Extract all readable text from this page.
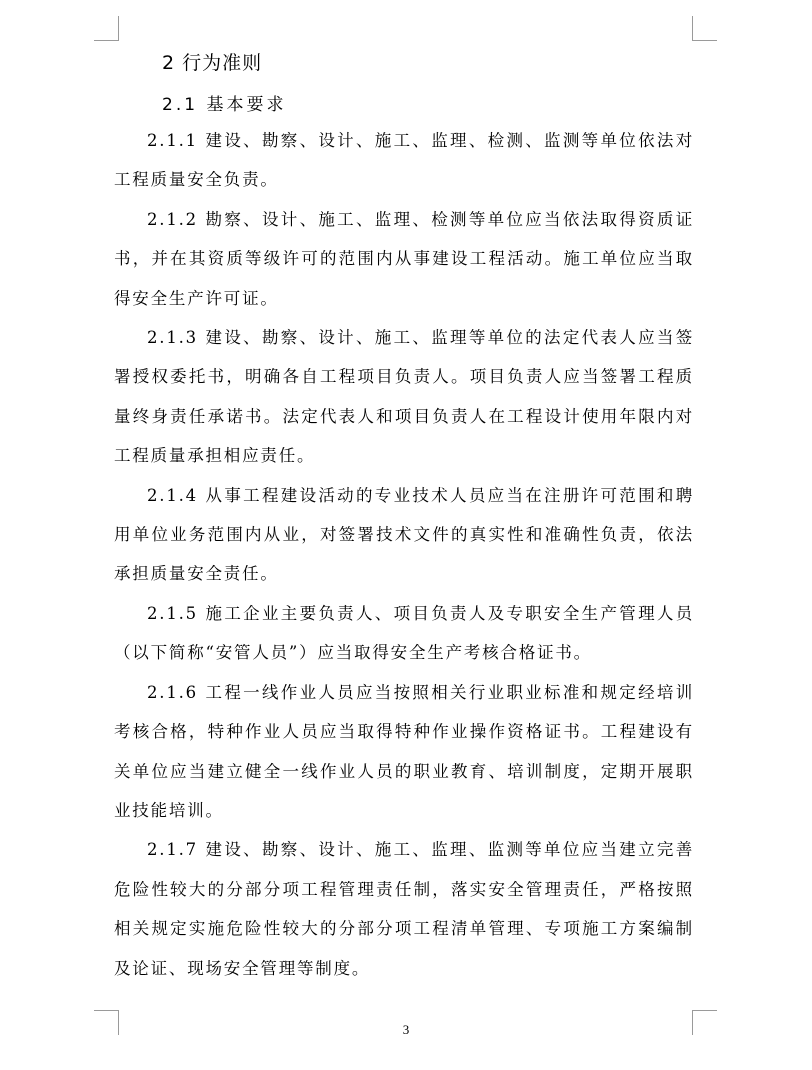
2 行为准则
2.1 基本要求

2.1.1 建设、勘察、设计、施工、监理、检测、监测等单位依法对工程质量安全负责。

2.1.2 勘察、设计、施工、监理、检测等单位应当依法取得资质证书，并在其资质等级许可的范围内从事建设工程活动。施工单位应当取得安全生产许可证。

2.1.3 建设、勘察、设计、施工、监理等单位的法定代表人应当签署授权委托书，明确各自工程项目负责人。项目负责人应当签署工程质量终身责任承诺书。法定代表人和项目负责人在工程设计使用年限内对工程质量承担相应责任。

2.1.4 从事工程建设活动的专业技术人员应当在注册许可范围和聘用单位业务范围内从业，对签署技术文件的真实性和准确性负责，依法承担质量安全责任。

2.1.5 施工企业主要负责人、项目负责人及专职安全生产管理人员（以下简称“安管人员”）应当取得安全生产考核合格证书。

2.1.6 工程一线作业人员应当按照相关行业职业标准和规定经培训考核合格，特种作业人员应当取得特种作业操作资格证书。工程建设有关单位应当建立健全一线作业人员的职业教育、培训制度，定期开展职业技能培训。

2.1.7 建设、勘察、设计、施工、监理、监测等单位应当建立完善危险性较大的分部分项工程管理责任制，落实安全管理责任，严格按照相关规定实施危险性较大的分部分项工程清单管理、专项施工方案编制及论证、现场安全管理等制度。

3
